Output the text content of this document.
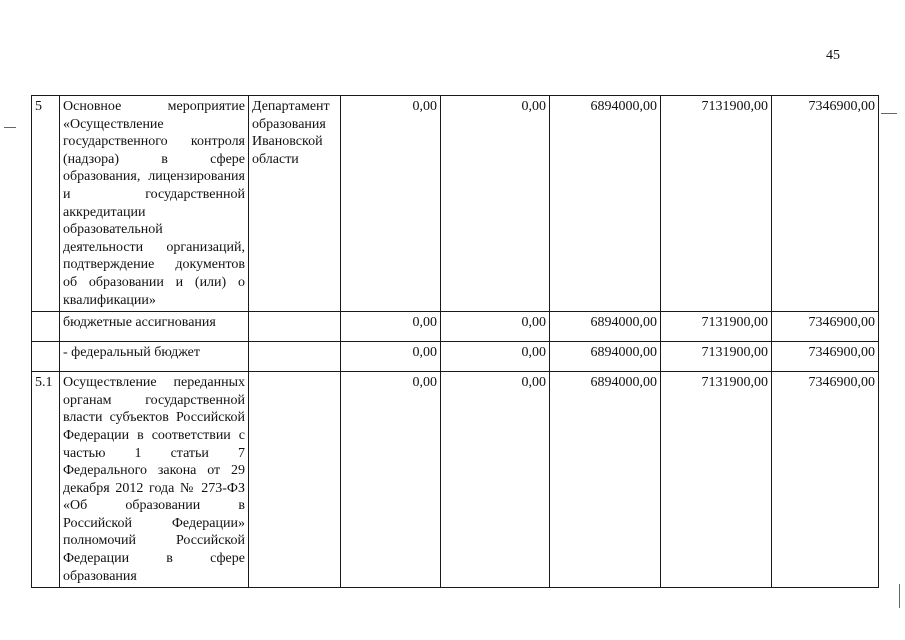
45
5	Основное мероприятие «Осуществление государственного контроля (надзора) в сфере образования, лицензирования и государственной аккредитации образовательной деятельности организаций, подтверждение документов об образовании и (или) о квалификации»	Департамент образования Ивановской области	0,00	0,00	6894000,00	7131900,00	7346900,00
	бюджетные ассигнования		0,00	0,00	6894000,00	7131900,00	7346900,00
	- федеральный бюджет		0,00	0,00	6894000,00	7131900,00	7346900,00
5.1	Осуществление переданных органам государственной власти субъектов Российской Федерации в соответствии с частью 1 статьи 7 Федерального закона от 29 декабря 2012 года № 273-ФЗ «Об образовании в Российской Федерации» полномочий Российской Федерации в сфере образования		0,00	0,00	6894000,00	7131900,00	7346900,00
